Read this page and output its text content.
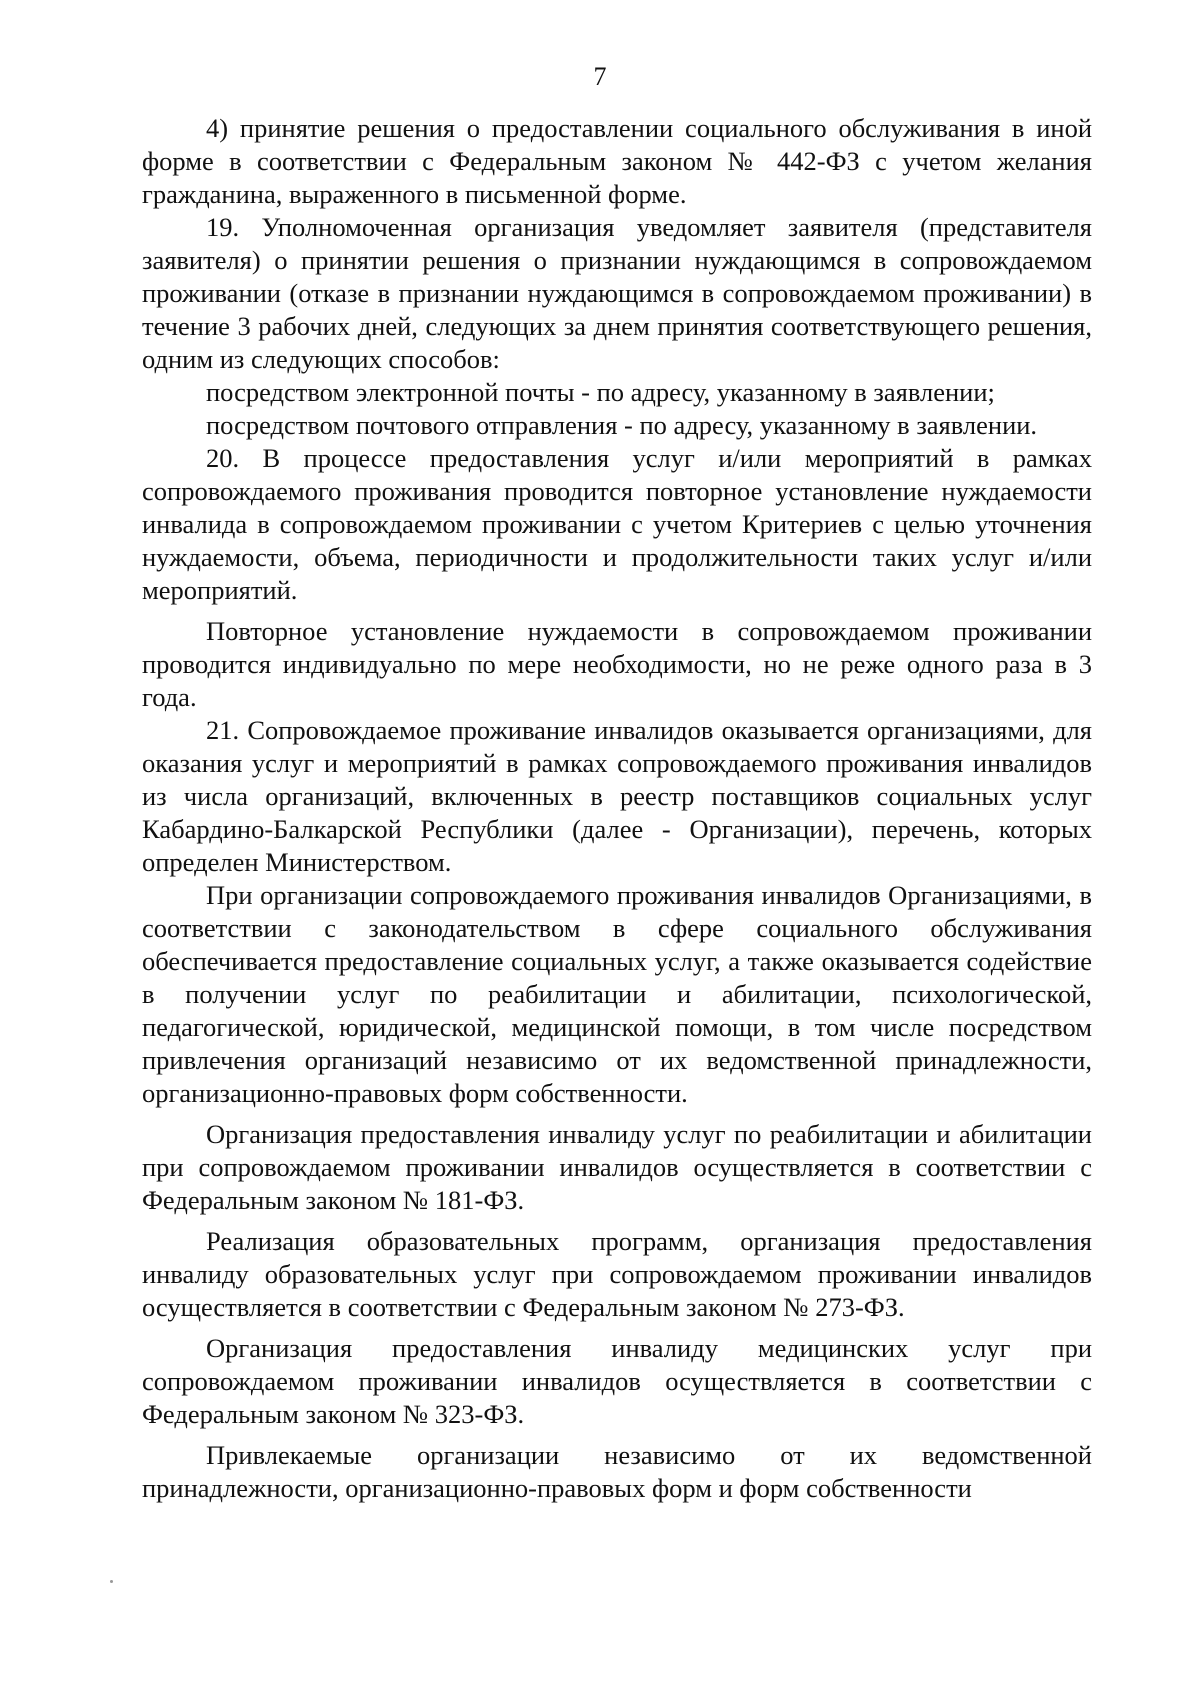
7

4) принятие решения о предоставлении социального обслуживания в иной форме в соответствии с Федеральным законом № 442-ФЗ с учетом желания гражданина, выраженного в письменной форме.

19. Уполномоченная организация уведомляет заявителя (представителя заявителя) о принятии решения о признании нуждающимся в сопровождаемом проживании (отказе в признании нуждающимся в сопровождаемом проживании) в течение 3 рабочих дней, следующих за днем принятия соответствующего решения, одним из следующих способов:

посредством электронной почты - по адресу, указанному в заявлении;

посредством почтового отправления - по адресу, указанному в заявлении.

20. В процессе предоставления услуг и/или мероприятий в рамках сопровождаемого проживания проводится повторное установление нуждаемости инвалида в сопровождаемом проживании с учетом Критериев с целью уточнения нуждаемости, объема, периодичности и продолжительности таких услуг и/или мероприятий.

Повторное установление нуждаемости в сопровождаемом проживании проводится индивидуально по мере необходимости, но не реже одного раза в 3 года.

21. Сопровождаемое проживание инвалидов оказывается организациями, для оказания услуг и мероприятий в рамках сопровождаемого проживания инвалидов из числа организаций, включенных в реестр поставщиков социальных услуг Кабардино-Балкарской Республики (далее - Организации), перечень, которых определен Министерством.

При организации сопровождаемого проживания инвалидов Организациями, в соответствии с законодательством в сфере социального обслуживания обеспечивается предоставление социальных услуг, а также оказывается содействие в получении услуг по реабилитации и абилитации, психологической, педагогической, юридической, медицинской помощи, в том числе посредством привлечения организаций независимо от их ведомственной принадлежности, организационно-правовых форм собственности.

Организация предоставления инвалиду услуг по реабилитации и абилитации при сопровождаемом проживании инвалидов осуществляется в соответствии с Федеральным законом № 181-ФЗ.

Реализация образовательных программ, организация предоставления инвалиду образовательных услуг при сопровождаемом проживании инвалидов осуществляется в соответствии с Федеральным законом № 273-ФЗ.

Организация предоставления инвалиду медицинских услуг при сопровождаемом проживании инвалидов осуществляется в соответствии с Федеральным законом № 323-ФЗ.

Привлекаемые организации независимо от их ведомственной принадлежности, организационно-правовых форм и форм собственности
